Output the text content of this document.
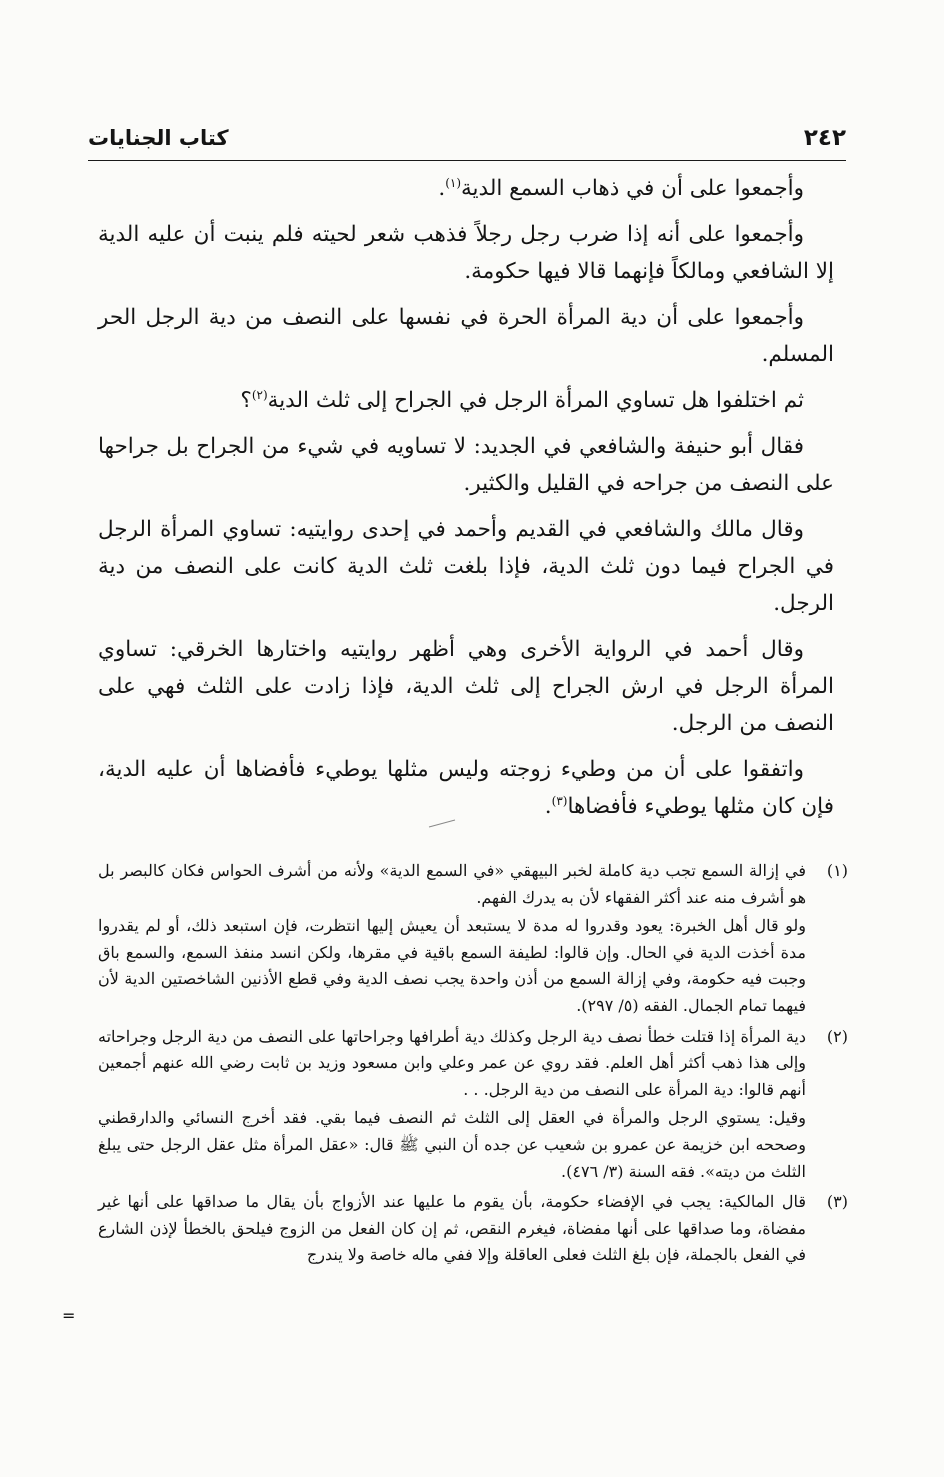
٢٤٢
كتاب الجنايات

وأجمعوا على أن في ذهاب السمع الدية$^{(١)}$.

وأجمعوا على أنه إذا ضرب رجل رجلاً فذهب شعر لحيته فلم ينبت أن عليه الدية إلا الشافعي ومالكاً فإنهما قالا فيها حكومة.

وأجمعوا على أن دية المرأة الحرة في نفسها على النصف من دية الرجل الحر المسلم.

ثم اختلفوا هل تساوي المرأة الرجل في الجراح إلى ثلث الدية$^{(٢)}$؟

فقال أبو حنيفة والشافعي في الجديد: لا تساويه في شيء من الجراح بل جراحها على النصف من جراحه في القليل والكثير.

وقال مالك والشافعي في القديم وأحمد في إحدى روايتيه: تساوي المرأة الرجل في الجراح فيما دون ثلث الدية، فإذا بلغت ثلث الدية كانت على النصف من دية الرجل.

وقال أحمد في الرواية الأخرى وهي أظهر روايتيه واختارها الخرقي: تساوي المرأة الرجل في ارش الجراح إلى ثلث الدية، فإذا زادت على الثلث فهي على النصف من الرجل.

واتفقوا على أن من وطيء زوجته وليس مثلها يوطيء فأفضاها أن عليه الدية، فإن كان مثلها يوطيء فأفضاها$^{(٣)}$.

(١)

في إزالة السمع تجب دية كاملة لخبر البيهقي «في السمع الدية» ولأنه من أشرف الحواس فكان كالبصر بل هو أشرف منه عند أكثر الفقهاء لأن به يدرك الفهم.

ولو قال أهل الخبرة: يعود وقدروا له مدة لا يستبعد أن يعيش إليها انتظرت، فإن استبعد ذلك، أو لم يقدروا مدة أخذت الدية في الحال. وإن قالوا: لطيفة السمع باقية في مقرها، ولكن انسد منفذ السمع، والسمع باق وجبت فيه حكومة، وفي إزالة السمع من أذن واحدة يجب نصف الدية وفي قطع الأذنين الشاخصتين الدية لأن فيهما تمام الجمال. الفقه (٥/ ٢٩٧).

(٢)

دية المرأة إذا قتلت خطأ نصف دية الرجل وكذلك دية أطرافها وجراحاتها على النصف من دية الرجل وجراحاته وإلى هذا ذهب أكثر أهل العلم. فقد روي عن عمر وعلي وابن مسعود وزيد بن ثابت رضي الله عنهم أجمعين أنهم قالوا: دية المرأة على النصف من دية الرجل. . .

وقيل: يستوي الرجل والمرأة في العقل إلى الثلث ثم النصف فيما بقي. فقد أخرج النسائي والدارقطني وصححه ابن خزيمة عن عمرو بن شعيب عن جده أن النبي ﷺ قال: «عقل المرأة مثل عقل الرجل حتى يبلغ الثلث من ديته». فقه السنة (٣/ ٤٧٦).

(٣)

قال المالكية: يجب في الإفضاء حكومة، بأن يقوم ما عليها عند الأزواج بأن يقال ما صداقها على أنها غير مفضاة، وما صداقها على أنها مفضاة، فيغرم النقص، ثم إن كان الفعل من الزوج فيلحق بالخطأ لإذن الشارع في الفعل بالجملة، فإن بلغ الثلث فعلى العاقلة وإلا ففي ماله خاصة ولا يندرج

=
